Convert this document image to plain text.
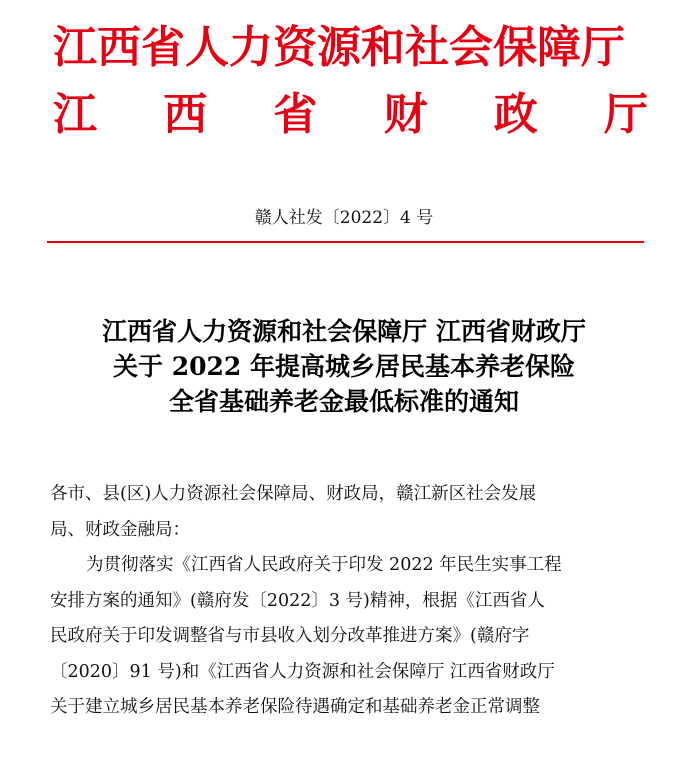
江西省人力资源和社会保障厅
江 西 省 财 政 厅
赣人社发〔2022〕4 号
江西省人力资源和社会保障厅 江西省财政厅
关于 2022 年提高城乡居民基本养老保险
全省基础养老金最低标准的通知
各市、县(区)人力资源社会保障局、财政局，赣江新区社会发展
局、财政金融局：
为贯彻落实《江西省人民政府关于印发 2022 年民生实事工程
安排方案的通知》(赣府发〔2022〕3 号)精神，根据《江西省人
民政府关于印发调整省与市县收入划分改革推进方案》(赣府字
〔2020〕91 号)和《江西省人力资源和社会保障厅 江西省财政厅
关于建立城乡居民基本养老保险待遇确定和基础养老金正常调整
